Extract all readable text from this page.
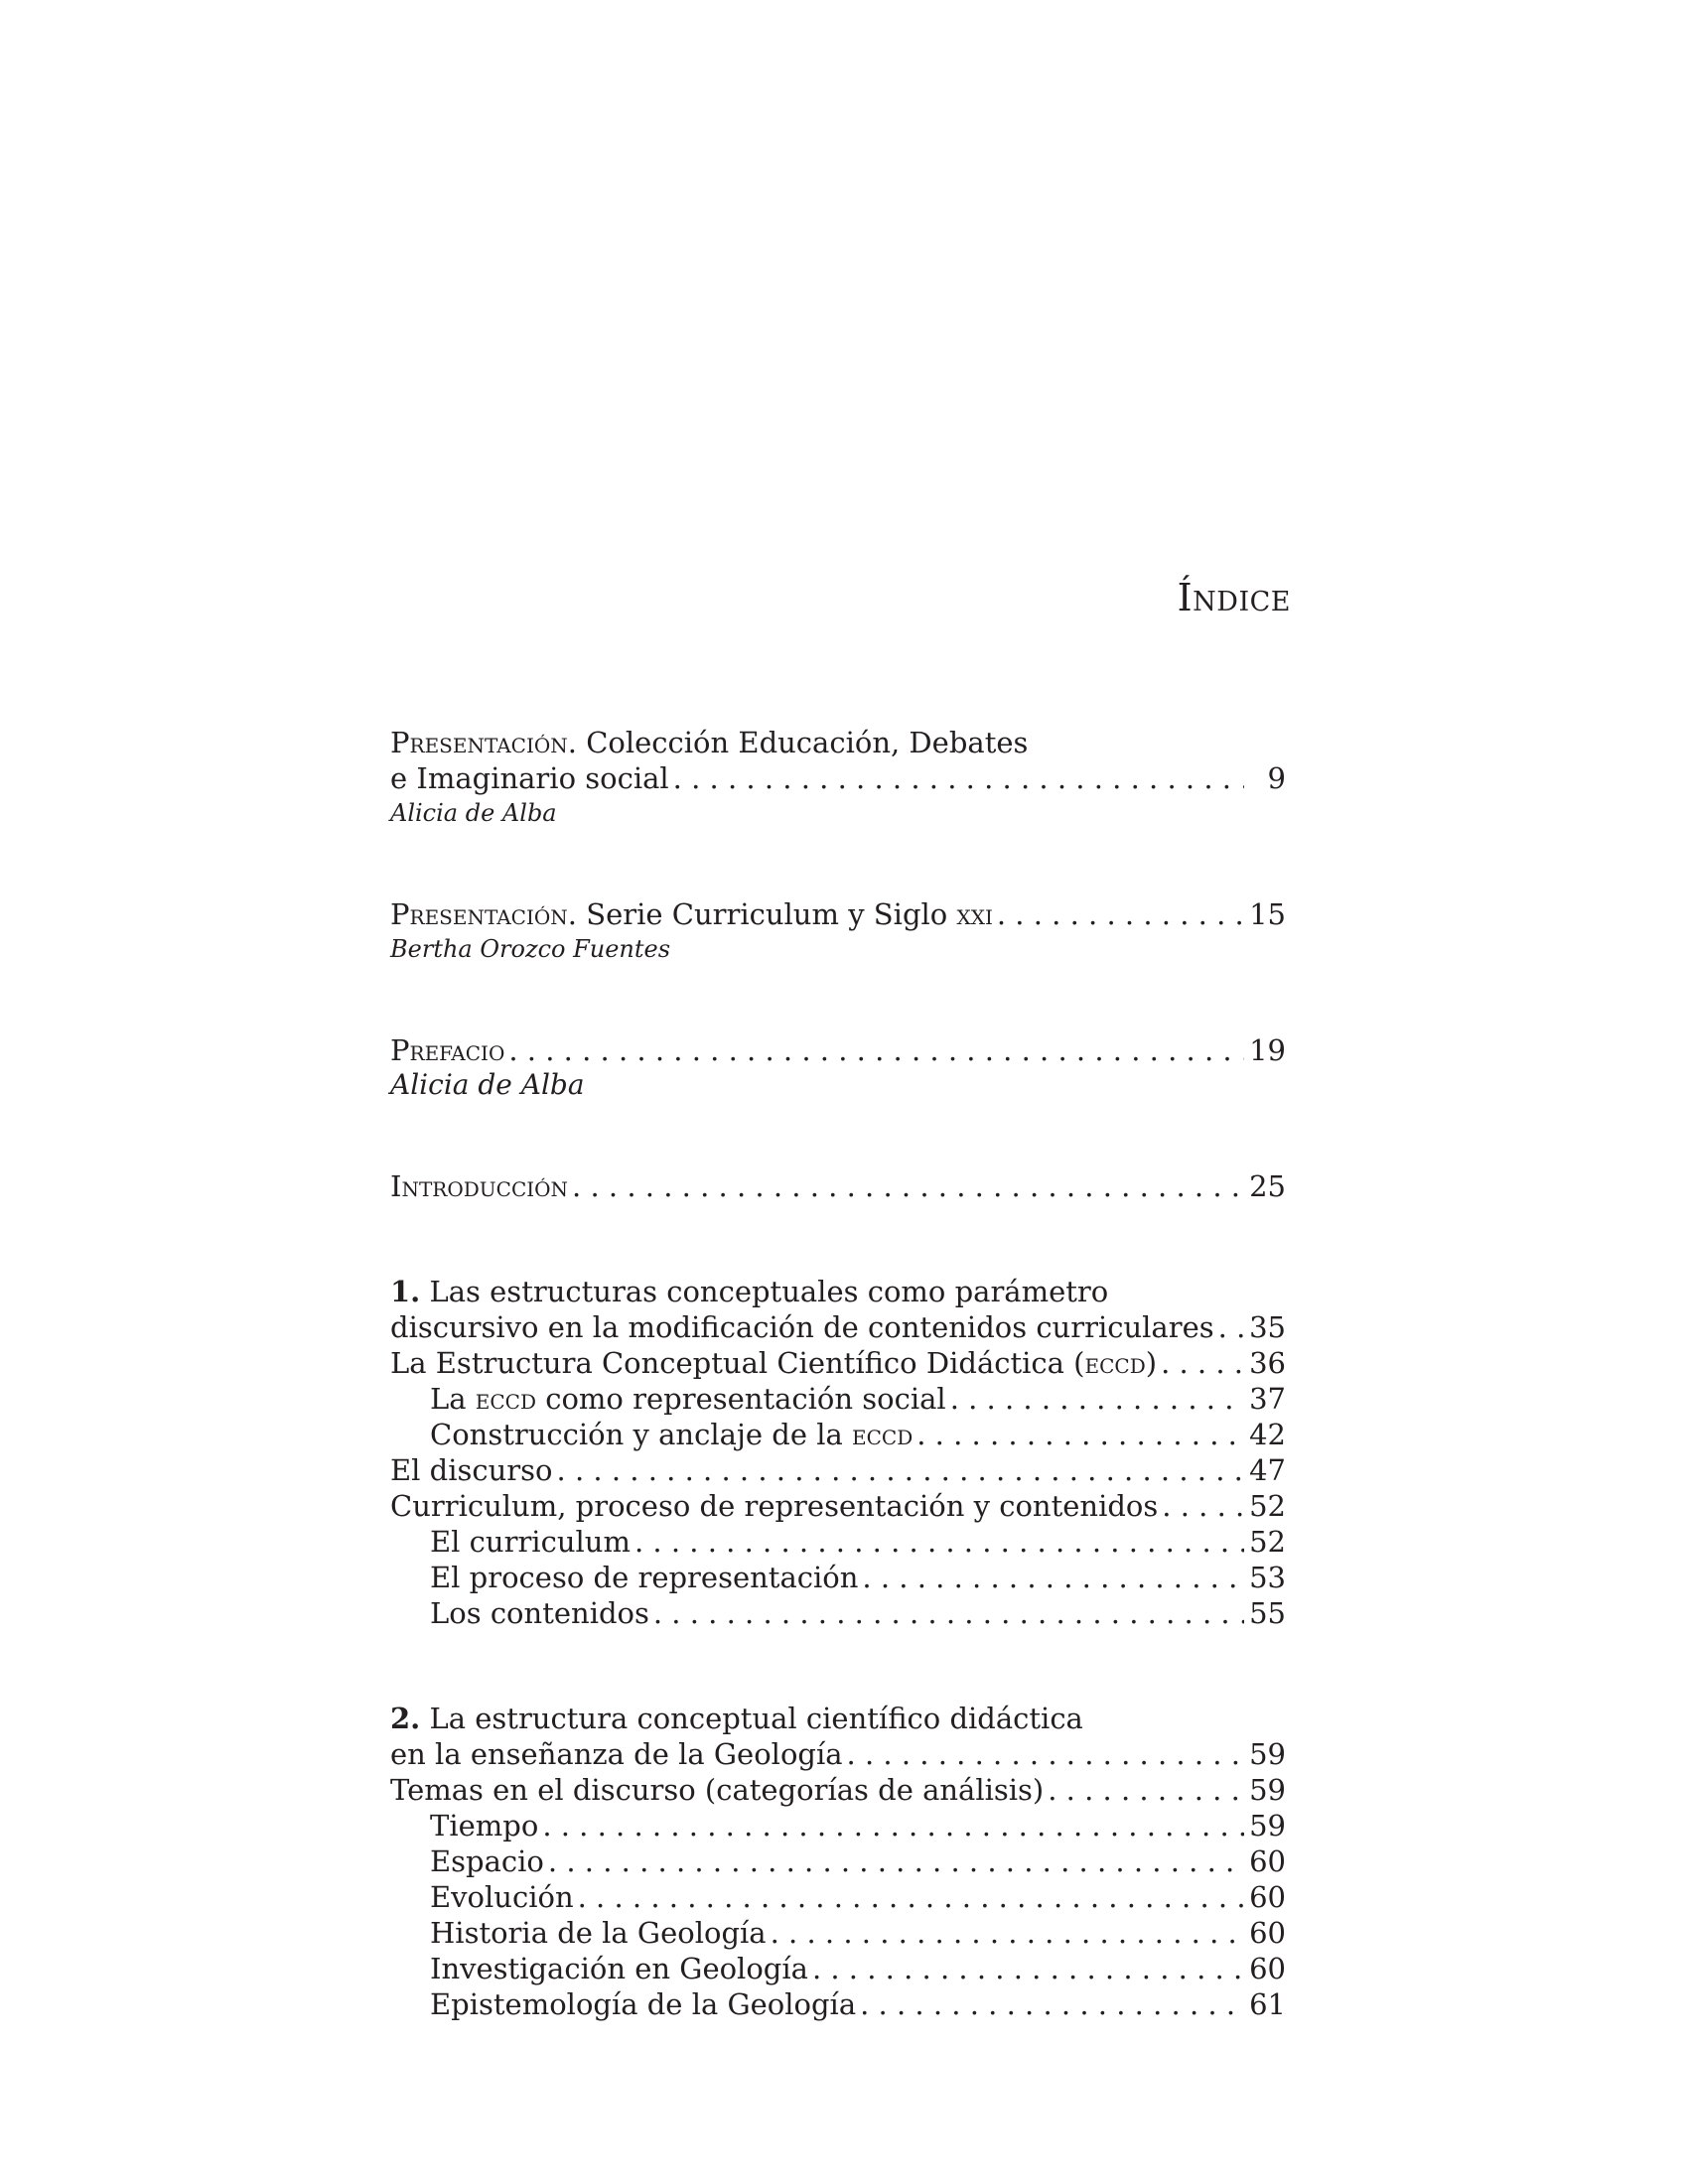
Índice
Presentación. Colección Educación, Debates
e Imaginario social . . .	9
Alicia de Alba
Presentación. Serie Curriculum y Siglo xxi . . .	15
Bertha Orozco Fuentes
Prefacio . . .	19
Alicia de Alba
Introducción . . .	25
1. Las estructuras conceptuales como parámetro
discursivo en la modificación de contenidos curriculares . . . 35
La Estructura Conceptual Científico Didáctica (eccd) . . .	36
La eccd como representación social . . .	37
Construcción y anclaje de la eccd . . .	42
El discurso . . .	47
Curriculum, proceso de representación y contenidos . . .	52
El curriculum . . .	52
El proceso de representación . . .	53
Los contenidos . . .	55
2. La estructura conceptual científico didáctica
en la enseñanza de la Geología . . .	59
Temas en el discurso (categorías de análisis) . . .	59
Tiempo . . .	59
Espacio . . .	60
Evolución . . .	60
Historia de la Geología . . .	60
Investigación en Geología . . .	60
Epistemología de la Geología . . .	61
